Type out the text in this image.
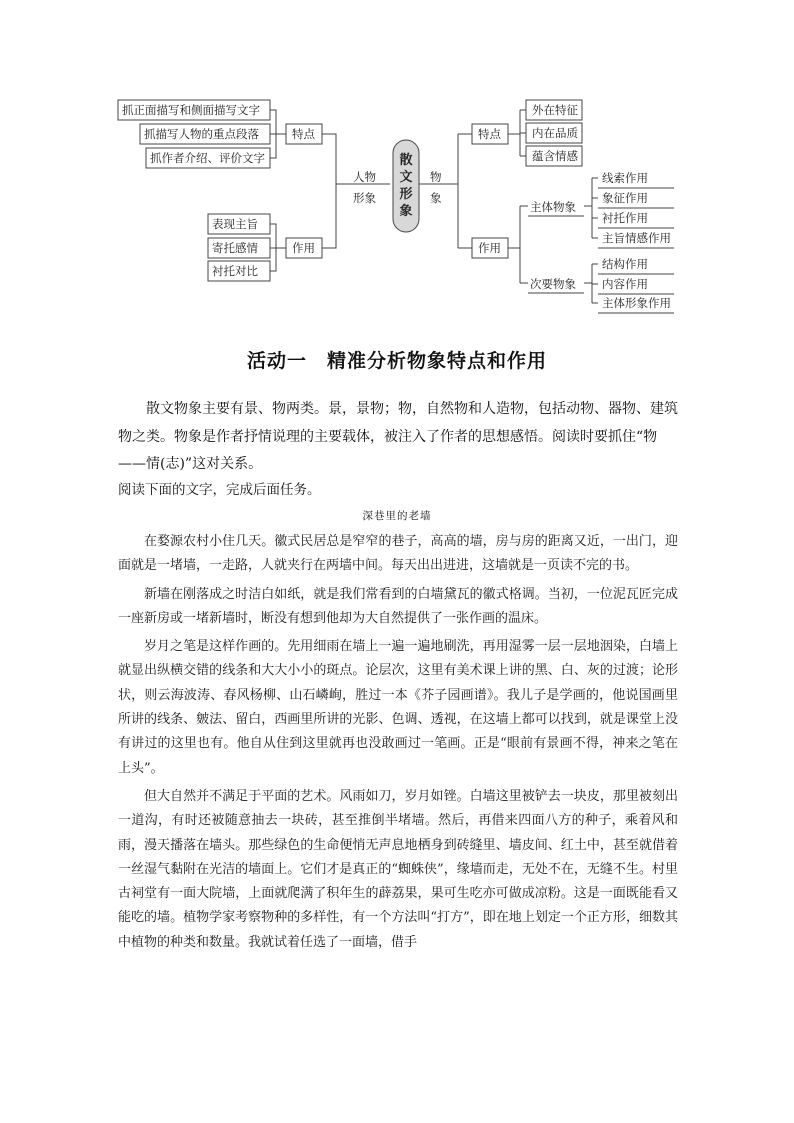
抓正面描写和侧面描写文字
抓描写人物的重点段落
抓作者介绍、评价文字
表现主旨
寄托感情
衬托对比
特点
作用
人物
形象
物
象
散文形象
特点
作用
外在特征
内在品质
蕴含情感
主体物象
次要物象
线索作用
象征作用
衬托作用
主旨情感作用
结构作用
内容作用
主体形象作用
活动一　精准分析物象特点和作用

散文物象主要有景、物两类。景，景物；物，自然物和人造物，包括动物、器物、建筑物之类。物象是作者抒情说理的主要载体，被注入了作者的思想感悟。阅读时要抓住“物——情(志)”这对关系。

阅读下面的文字，完成后面任务。

深巷里的老墙

在婺源农村小住几天。徽式民居总是窄窄的巷子，高高的墙，房与房的距离又近，一出门，迎面就是一堵墙，一走路，人就夹行在两墙中间。每天出出进进，这墙就是一页读不完的书。

新墙在刚落成之时洁白如纸，就是我们常看到的白墙黛瓦的徽式格调。当初，一位泥瓦匠完成一座新房或一堵新墙时，断没有想到他却为大自然提供了一张作画的温床。

岁月之笔是这样作画的。先用细雨在墙上一遍一遍地刷洗，再用湿雾一层一层地洇染，白墙上就显出纵横交错的线条和大大小小的斑点。论层次，这里有美术课上讲的黑、白、灰的过渡；论形状，则云海波涛、春风杨柳、山石嶙峋，胜过一本《芥子园画谱》。我儿子是学画的，他说国画里所讲的线条、皴法、留白，西画里所讲的光影、色调、透视，在这墙上都可以找到，就是课堂上没有讲过的这里也有。他自从住到这里就再也没敢画过一笔画。正是“眼前有景画不得，神来之笔在上头”。

但大自然并不满足于平面的艺术。风雨如刀，岁月如锉。白墙这里被铲去一块皮，那里被刻出一道沟，有时还被随意抽去一块砖，甚至推倒半堵墙。然后，再借来四面八方的种子，乘着风和雨，漫天播落在墙头。那些绿色的生命便悄无声息地栖身到砖缝里、墙皮间、红土中，甚至就借着一丝湿气黏附在光洁的墙面上。它们才是真正的“蜘蛛侠”，缘墙而走，无处不在，无缝不生。村里古祠堂有一面大院墙，上面就爬满了积年生的薜荔果，果可生吃亦可做成凉粉。这是一面既能看又能吃的墙。植物学家考察物种的多样性，有一个方法叫“打方”，即在地上划定一个正方形，细数其中植物的种类和数量。我就试着任选了一面墙，借手
